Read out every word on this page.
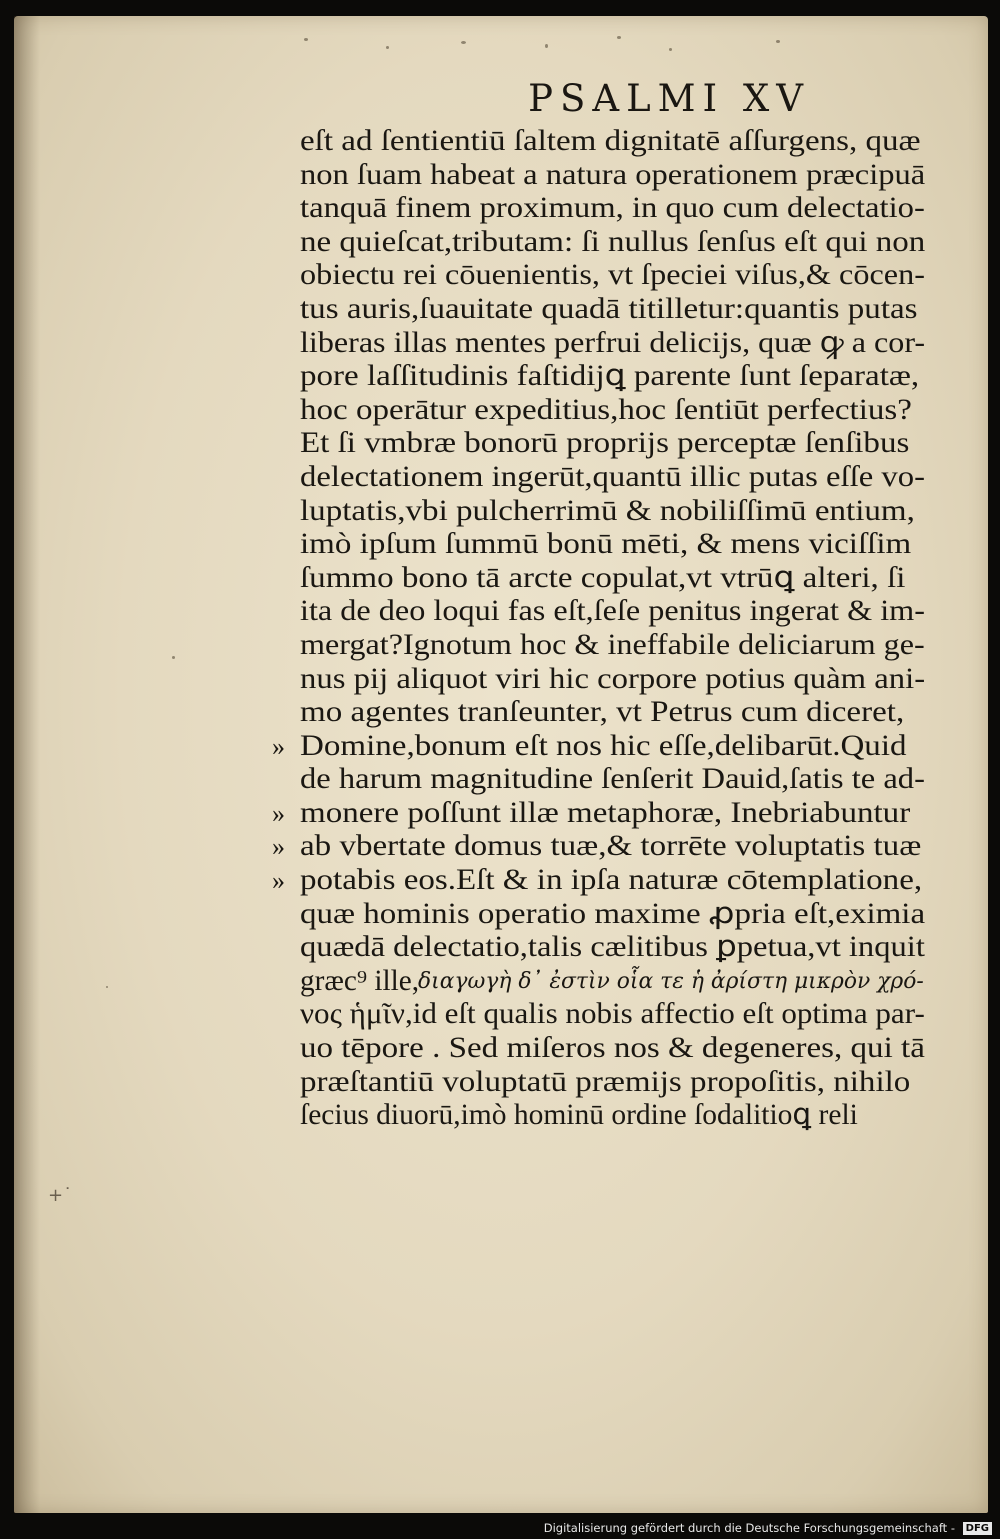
PSALMI XV
eſt ad ſentientiū ſaltem dignitatē aſſurgens, quæ
non ſuam habeat a natura operationem præcipuā
tanquā finem proximum, in quo cum delectatio-
ne quieſcat,tributam: ſi nullus ſenſus eſt qui non
obiectu rei cōuenientis, vt ſpeciei viſus,& cōcen-
tus auris,ſuauitate quadā titilletur:quantis putas
liberas illas mentes perfrui delicijs, quæ ꝙ a cor-
pore laſſitudinis faſtidijꝗ parente ſunt ſeparatæ,
hoc operātur expeditius,hoc ſentiūt perfectius?
Et ſi vmbræ bonorū proprijs perceptæ ſenſibus
delectationem ingerūt,quantū illic putas eſſe vo-
luptatis,vbi pulcherrimū & nobiliſſimū entium,
imò ipſum ſummū bonū mēti, & mens viciſſim
ſummo bono tā arcte copulat,vt vtrūꝗ alteri, ſi
ita de deo loqui fas eſt,ſeſe penitus ingerat & im-
mergat?Ignotum hoc & ineffabile deliciarum ge-
nus pij aliquot viri hic corpore potius quàm ani-
mo agentes tranſeunter, vt Petrus cum diceret,
» Domine,bonum eſt nos hic eſſe,delibarūt.Quid
de harum magnitudine ſenſerit Dauid,ſatis te ad-
» monere poſſunt illæ metaphoræ, Inebriabuntur
» ab vbertate domus tuæ,& torrēte voluptatis tuæ
» potabis eos.Eſt & in ipſa naturæ cōtemplatione,
quæ hominis operatio maxime ꝓpria eſt,eximia
quædā delectatio,talis cælitibus ꝑpetua,vt inquit
græc⁹ ille, διαγωγὴ δ᾽ ἐστὶν οἷα τε ἡ ἀρίστη μικρὸν χρό-
νος ἡμῖν,id eſt qualis nobis affectio eſt optima par-
uo tēpore . Sed miſeros nos & degeneres, qui tā
præſtantiū voluptatū præmijs propoſitis, nihilo
ſecius diuorū,imò hominū ordine ſodalitioꝗ reli
+˙
Digitalisierung gefördert durch die Deutsche Forschungsgemeinschaft - DFG
